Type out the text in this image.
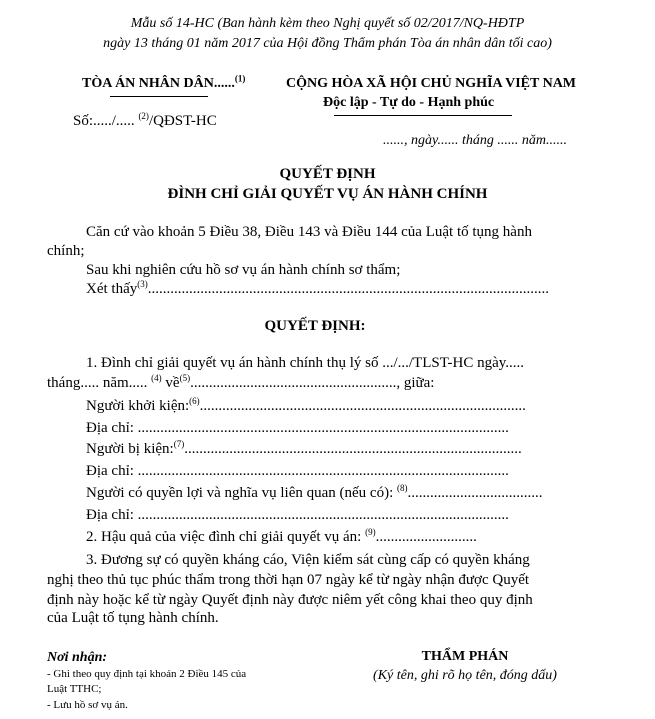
Mẫu số 14-HC (Ban hành kèm theo Nghị quyết số 02/2017/NQ-HĐTP
ngày 13 tháng 01 năm 2017 của Hội đồng Thẩm phán Tòa án nhân dân tối cao)
TÒA ÁN NHÂN DÂN......$^{(1)}$
Số:...../..... $^{(2)}$/QĐST-HC
CỘNG HÒA XÃ HỘI CHỦ NGHĨA VIỆT NAM
Độc lập - Tự do - Hạnh phúc
......, ngày...... tháng ...... năm......
QUYẾT ĐỊNH
ĐÌNH CHỈ GIẢI QUYẾT VỤ ÁN HÀNH CHÍNH
Căn cứ vào khoản 5 Điều 38, Điều 143 và Điều 144 của Luật tố tụng hành
chính;
Sau khi nghiên cứu hồ sơ vụ án hành chính sơ thẩm;
Xét thấy$^{(3)}$...........................................................................................................
QUYẾT ĐỊNH:
1. Đình chỉ giải quyết vụ án hành chính thụ lý số .../.../TLST-HC ngày.....
tháng..... năm..... $^{(4)}$ về$^{(5)}$......................................................., giữa:
Người khởi kiện:$^{(6)}$.......................................................................................
Địa chỉ: ...................................................................................................
Người bị kiện:$^{(7)}$..........................................................................................
Địa chỉ: ...................................................................................................
Người có quyền lợi và nghĩa vụ liên quan (nếu có): $^{(8)}$....................................
Địa chỉ: ...................................................................................................
2. Hậu quả của việc đình chỉ giải quyết vụ án: $^{(9)}$...........................
3. Đương sự có quyền kháng cáo, Viện kiểm sát cùng cấp có quyền kháng
nghị theo thủ tục phúc thẩm trong thời hạn 07 ngày kể từ ngày nhận được Quyết
định này hoặc kể từ ngày Quyết định này được niêm yết công khai theo quy định
của Luật tố tụng hành chính.
Nơi nhận:
- Ghi theo quy định tại khoản 2 Điều 145 của
Luật TTHC;
- Lưu hồ sơ vụ án.
THẨM PHÁN
(Ký tên, ghi rõ họ tên, đóng dấu)
